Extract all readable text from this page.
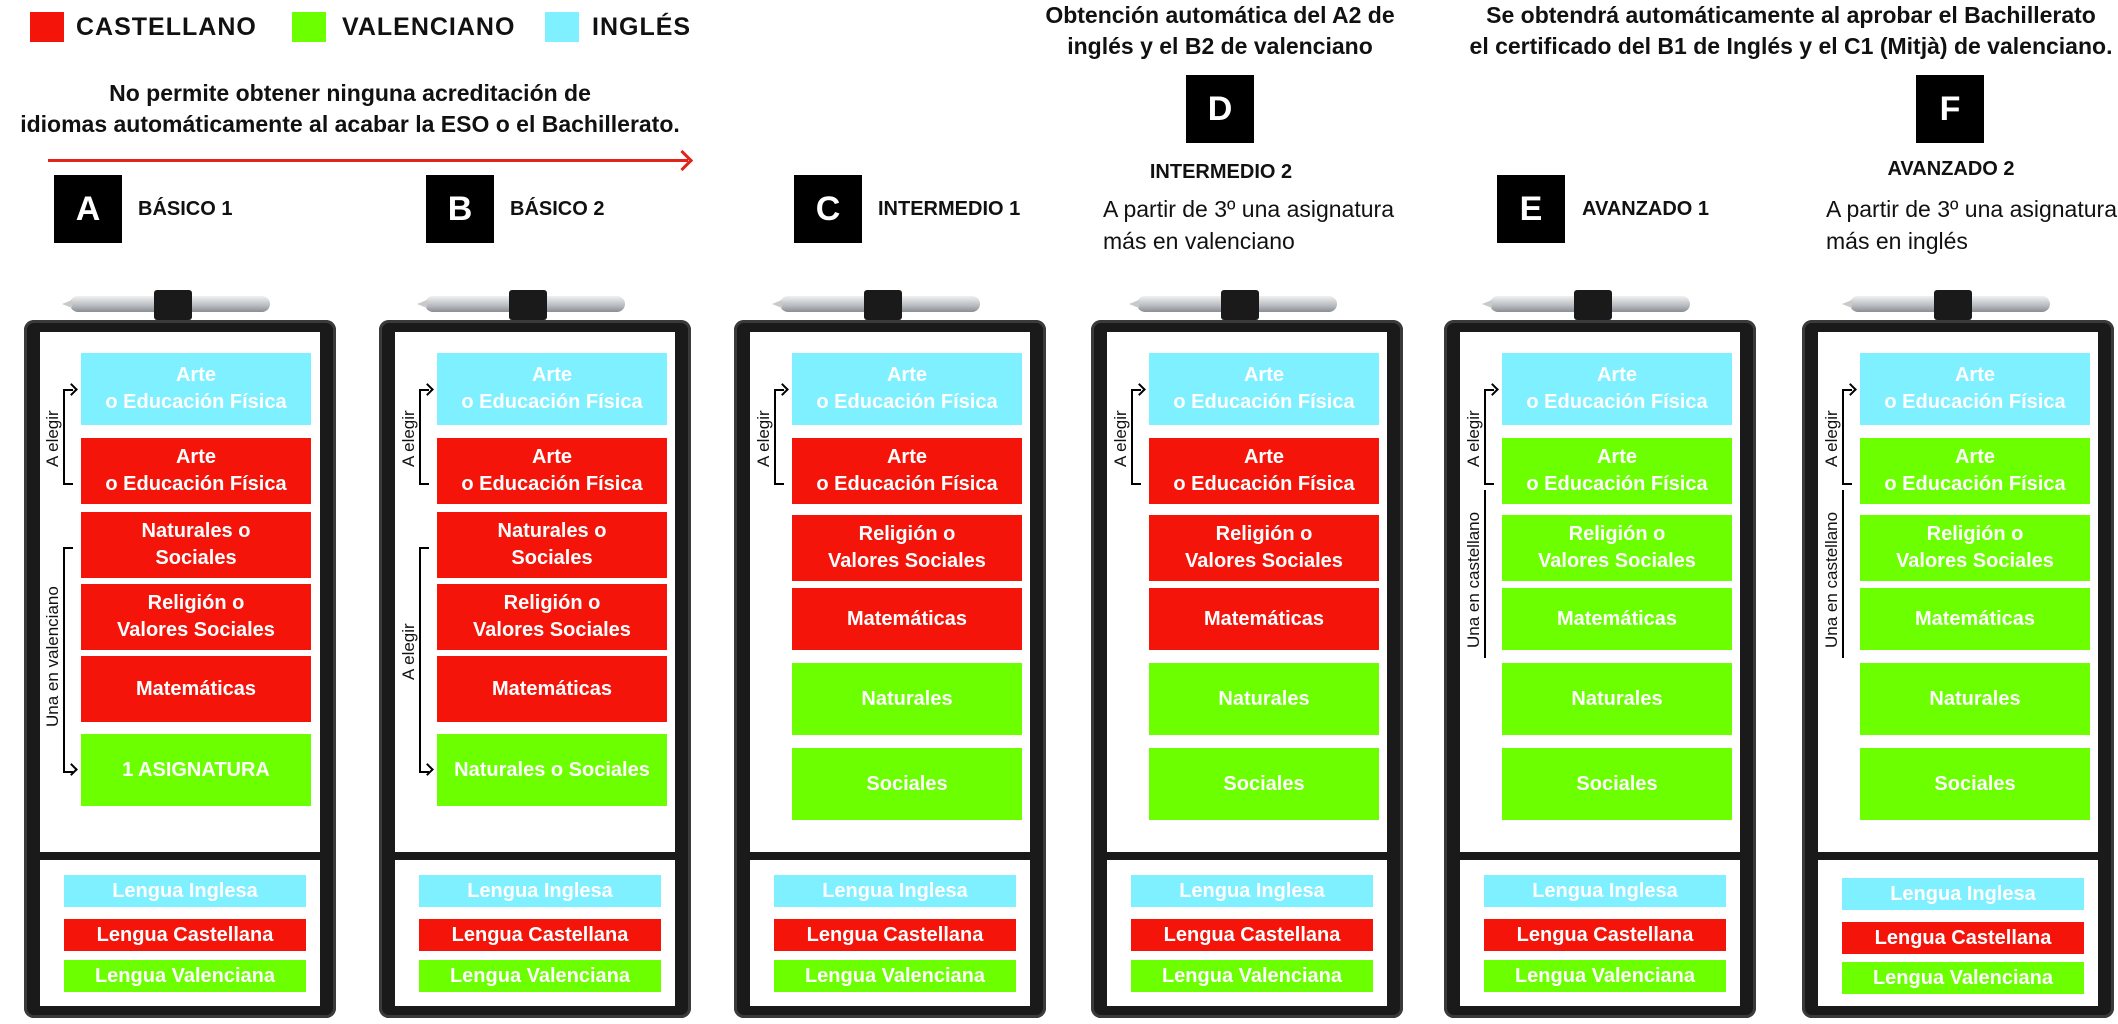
CASTELLANO	VALENCIANO	INGLÉS
No permite obtener ninguna acreditación de
idiomas automáticamente al acabar la ESO o el Bachillerato.
Obtención automática del A2 de
inglés y el B2 de valenciano
Se obtendrá automáticamente al aprobar el Bachillerato
el certificado del B1 de Inglés y el C1 (Mitjà) de valenciano.
A	BÁSICO 1	B	BÁSICO 2	C	INTERMEDIO 1
D
INTERMEDIO 2
A partir de 3º una asignatura
más en valenciano
E	AVANZADO 1
F
AVANZADO 2
A partir de 3º una asignatura
más en inglés
Arte
o Educación Física
Arte
o Educación Física
Naturales o
Sociales
Religión o
Valores Sociales
Matemáticas
1 ASIGNATURA
A elegir
Una en valenciano
Lengua Inglesa
Lengua Castellana
Lengua Valenciana
Arte
o Educación Física
Arte
o Educación Física
Naturales o
Sociales
Religión o
Valores Sociales
Matemáticas
Naturales o Sociales
A elegir
A elegir
Lengua Inglesa
Lengua Castellana
Lengua Valenciana
Arte
o Educación Física
Arte
o Educación Física
Religión o
Valores Sociales
Matemáticas
Naturales
Sociales
A elegir
Lengua Inglesa
Lengua Castellana
Lengua Valenciana
Arte
o Educación Física
Arte
o Educación Física
Religión o
Valores Sociales
Matemáticas
Naturales
Sociales
A elegir
Lengua Inglesa
Lengua Castellana
Lengua Valenciana
Arte
o Educación Física
Arte
o Educación Física
Religión o
Valores Sociales
Matemáticas
Naturales
Sociales
A elegir
Una en castellano
Lengua Inglesa
Lengua Castellana
Lengua Valenciana
Arte
o Educación Física
Arte
o Educación Física
Religión o
Valores Sociales
Matemáticas
Naturales
Sociales
A elegir
Una en castellano
Lengua Inglesa
Lengua Castellana
Lengua Valenciana
